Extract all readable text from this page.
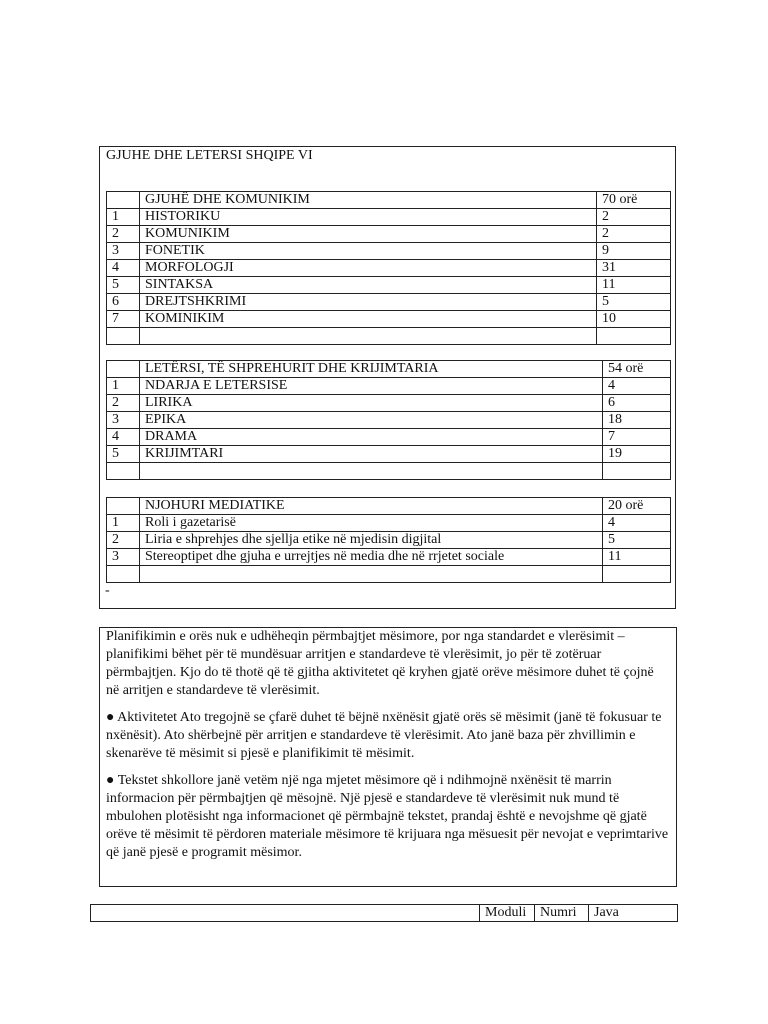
GJUHE DHE LETERSI SHQIPE VI
	GJUHË DHE KOMUNIKIM	70 orë
1	HISTORIKU	2
2	KOMUNIKIM	2
3	FONETIK	9
4	MORFOLOGJI	31
5	SINTAKSA	11
6	DREJTSHKRIMI	5
7	KOMINIKIM	10

	LETËRSI, TË SHPREHURIT DHE KRIJIMTARIA	54 orë
1	NDARJA E LETERSISE	4
2	LIRIKA	6
3	EPIKA	18
4	DRAMA	7
5	KRIJIMTARI	19

	NJOHURI MEDIATIKE	20 orë
1	Roli i gazetarisë	4
2	Liria e shprehjes dhe sjellja etike në mjedisin digjital	5
3	Stereoptipet dhe gjuha e urrejtjes në media dhe në rrjetet sociale	11

-

Planifikimin e orës nuk e udhëheqin përmbajtjet mësimore, por nga standardet e vlerësimit – planifikimi bëhet për të mundësuar arritjen e standardeve të vlerësimit, jo për të zotëruar përmbajtjen. Kjo do të thotë që të gjitha aktivitetet që kryhen gjatë orëve mësimore duhet të çojnë në arritjen e standardeve të vlerësimit.

● Aktivitetet Ato tregojnë se çfarë duhet të bëjnë nxënësit gjatë orës së mësimit (janë të fokusuar te nxënësit). Ato shërbejnë për arritjen e standardeve të vlerësimit. Ato janë baza për zhvillimin e skenarëve të mësimit si pjesë e planifikimit të mësimit.

● Tekstet shkollore janë vetëm një nga mjetet mësimore që i ndihmojnë nxënësit të marrin informacion për përmbajtjen që mësojnë. Një pjesë e standardeve të vlerësimit nuk mund të mbulohen plotësisht nga informacionet që përmbajnë tekstet, prandaj është e nevojshme që gjatë orëve të mësimit të përdoren materiale mësimore të krijuara nga mësuesit për nevojat e veprimtarive që janë pjesë e programit mësimor.

	Moduli	Numri	Java
